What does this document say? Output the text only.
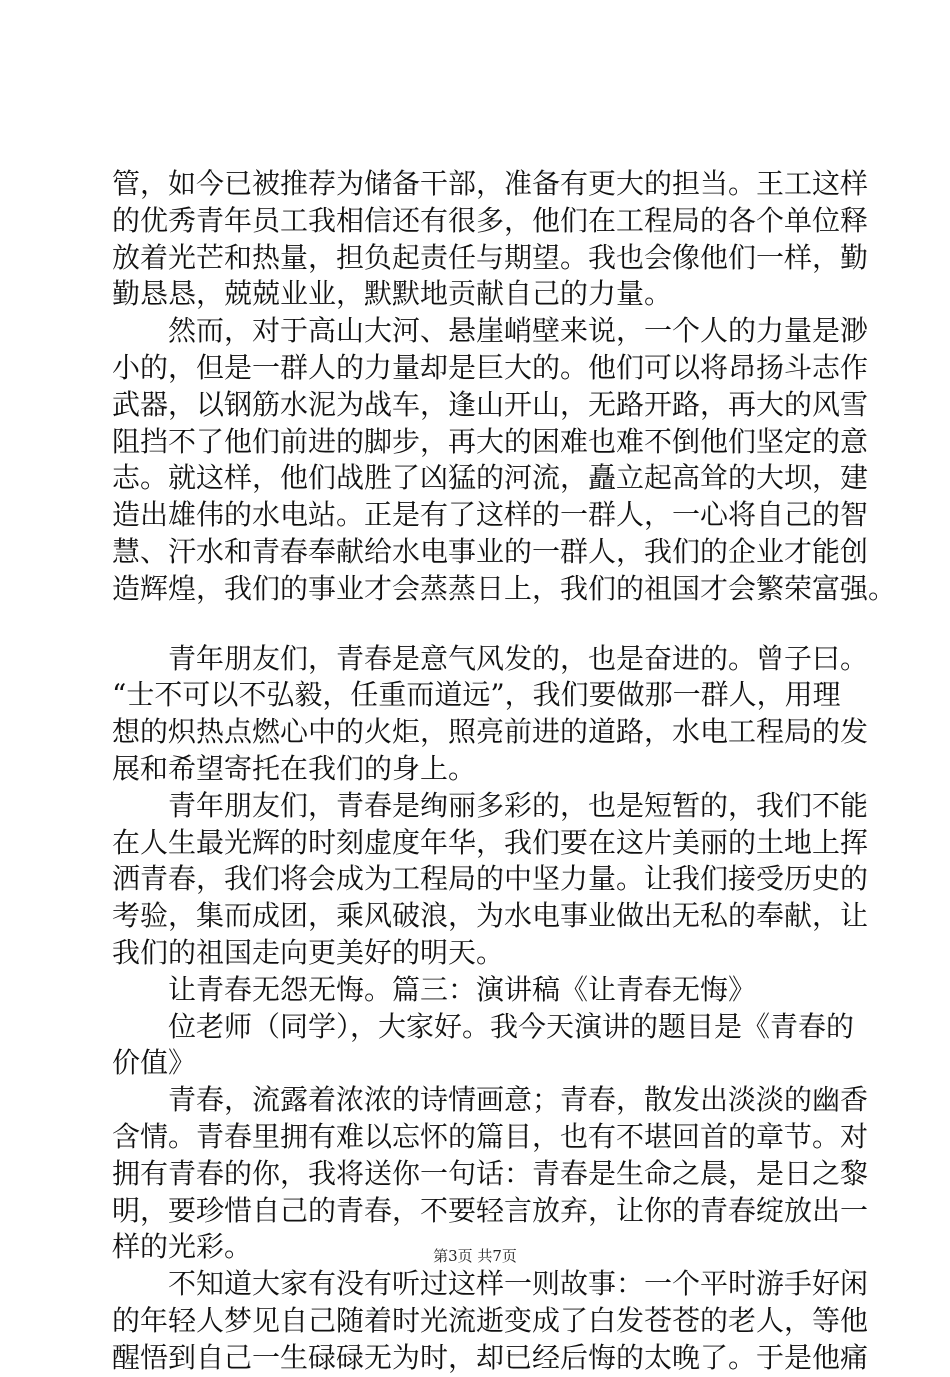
管，如今已被推荐为储备干部，准备有更大的担当。王工这样
的优秀青年员工我相信还有很多，他们在工程局的各个单位释
放着光芒和热量，担负起责任与期望。我也会像他们一样，勤
勤恳恳，兢兢业业，默默地贡献自己的力量。
　　然而，对于高山大河、悬崖峭壁来说，一个人的力量是渺
小的，但是一群人的力量却是巨大的。他们可以将昂扬斗志作
武器，以钢筋水泥为战车，逢山开山，无路开路，再大的风雪
阻挡不了他们前进的脚步，再大的困难也难不倒他们坚定的意
志。就这样，他们战胜了凶猛的河流，矗立起高耸的大坝，建
造出雄伟的水电站。正是有了这样的一群人，一心将自己的智
慧、汗水和青春奉献给水电事业的一群人，我们的企业才能创
造辉煌，我们的事业才会蒸蒸日上，我们的祖国才会繁荣富强。
　　青年朋友们，青春是意气风发的，也是奋进的。曾子曰。
“士不可以不弘毅，任重而道远”，我们要做那一群人，用理
想的炽热点燃心中的火炬，照亮前进的道路，水电工程局的发
展和希望寄托在我们的身上。
　　青年朋友们，青春是绚丽多彩的，也是短暂的，我们不能
在人生最光辉的时刻虚度年华，我们要在这片美丽的土地上挥
洒青春，我们将会成为工程局的中坚力量。让我们接受历史的
考验，集而成团，乘风破浪，为水电事业做出无私的奉献，让
我们的祖国走向更美好的明天。
　　让青春无怨无悔。篇三：演讲稿《让青春无悔》
　　位老师（同学），大家好。我今天演讲的题目是《青春的
价值》
　　青春，流露着浓浓的诗情画意；青春，散发出淡淡的幽香
含情。青春里拥有难以忘怀的篇目，也有不堪回首的章节。对
拥有青春的你，我将送你一句话：青春是生命之晨，是日之黎
明，要珍惜自己的青春，不要轻言放弃，让你的青春绽放出一
样的光彩。
　　不知道大家有没有听过这样一则故事：一个平时游手好闲
的年轻人梦见自己随着时光流逝变成了白发苍苍的老人，等他
醒悟到自己一生碌碌无为时，却已经后悔的太晚了。于是他痛
第3页 共7页
